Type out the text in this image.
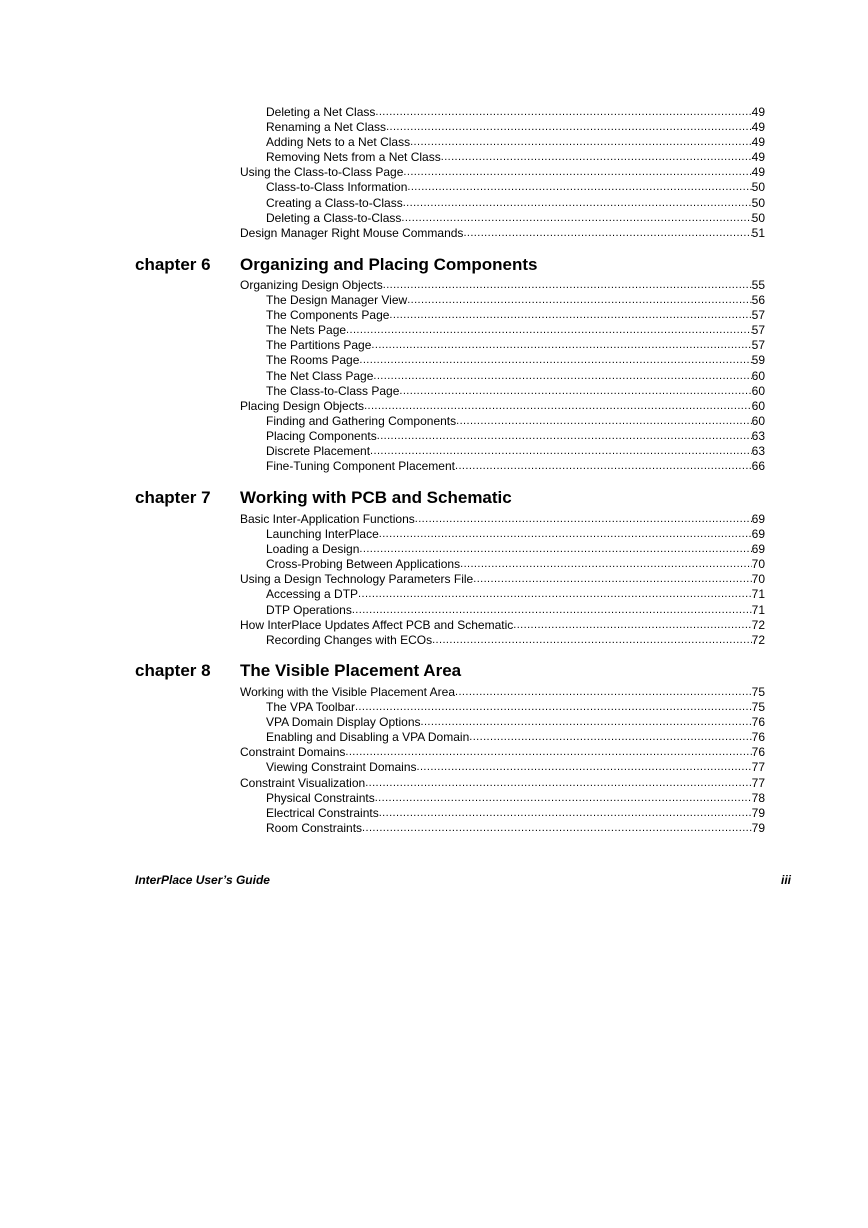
Deleting a Net Class .....	49
Renaming a Net Class .....	49
Adding Nets to a Net Class .....	49
Removing Nets from a Net Class .....	49
Using the Class-to-Class Page .....	49
Class-to-Class Information .....	50
Creating a Class-to-Class .....	50
Deleting a Class-to-Class .....	50
Design Manager Right Mouse Commands .....	51
chapter 6 Organizing and Placing Components
Organizing Design Objects .....	55
The Design Manager View .....	56
The Components Page .....	57
The Nets Page .....	57
The Partitions Page .....	57
The Rooms Page .....	59
The Net Class Page .....	60
The Class-to-Class Page .....	60
Placing Design Objects .....	60
Finding and Gathering Components .....	60
Placing Components .....	63
Discrete Placement .....	63
Fine-Tuning Component Placement .....	66
chapter 7 Working with PCB and Schematic
Basic Inter-Application Functions .....	69
Launching InterPlace .....	69
Loading a Design .....	69
Cross-Probing Between Applications .....	70
Using a Design Technology Parameters File .....	70
Accessing a DTP .....	71
DTP Operations .....	71
How InterPlace Updates Affect PCB and Schematic .....	72
Recording Changes with ECOs .....	72
chapter 8 The Visible Placement Area
Working with the Visible Placement Area .....	75
The VPA Toolbar .....	75
VPA Domain Display Options .....	76
Enabling and Disabling a VPA Domain .....	76
Constraint Domains .....	76
Viewing Constraint Domains .....	77
Constraint Visualization .....	77
Physical Constraints .....	78
Electrical Constraints .....	79
Room Constraints .....	79
InterPlace User’s Guide	iii
